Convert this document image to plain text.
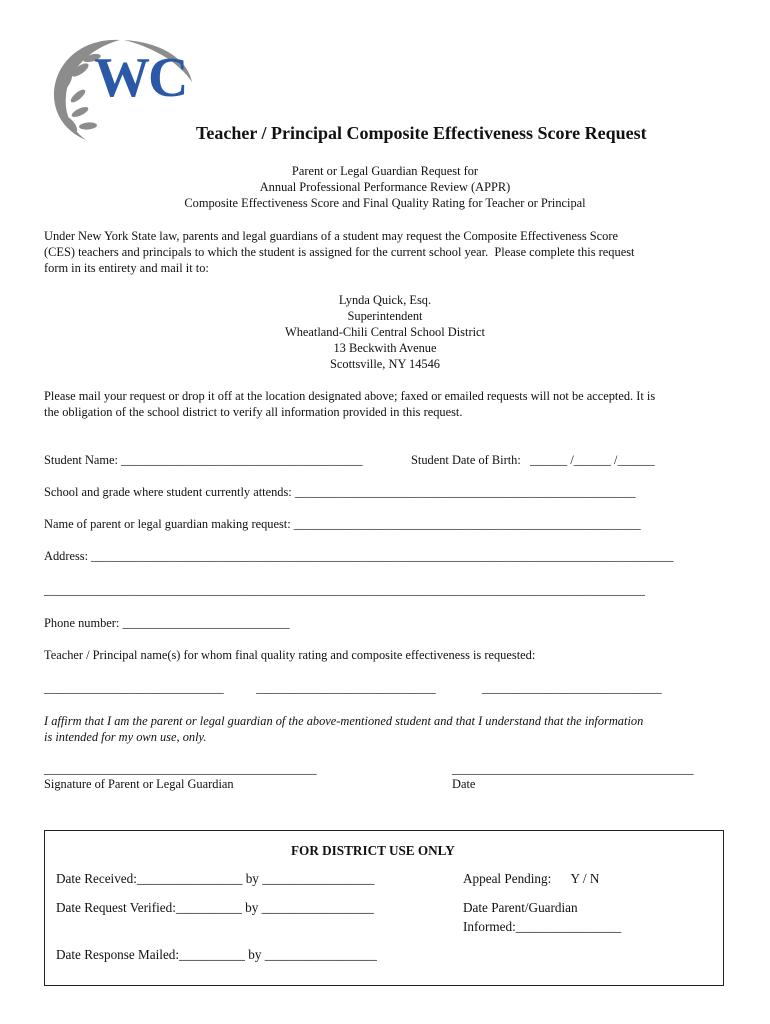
WC
Teacher / Principal Composite Effectiveness Score Request
Parent or Legal Guardian Request for
Annual Professional Performance Review (APPR)
Composite Effectiveness Score and Final Quality Rating for Teacher or Principal
Under New York State law, parents and legal guardians of a student may request the Composite Effectiveness Score
(CES) teachers and principals to which the student is assigned for the current school year.  Please complete this request
form in its entirety and mail it to:
Lynda Quick, Esq.
Superintendent
Wheatland-Chili Central School District
13 Beckwith Avenue
Scottsville, NY 14546
Please mail your request or drop it off at the location designated above; faxed or emailed requests will not be accepted. It is
the obligation of the school district to verify all information provided in this request.
Student Name: _______________________________________	Student Date of Birth:   ______ /______ /______
School and grade where student currently attends: _______________________________________________________
Name of parent or legal guardian making request: ________________________________________________________
Address: ______________________________________________________________________________________________
_________________________________________________________________________________________________
Phone number: ___________________________
Teacher / Principal name(s) for whom final quality rating and composite effectiveness is requested:
_____________________________	_____________________________	_____________________________
I affirm that I am the parent or legal guardian of the above-mentioned student and that I understand that the information
is intended for my own use, only.
____________________________________________
Signature of Parent or Legal Guardian
_______________________________________
Date
FOR DISTRICT USE ONLY
Date Received:________________ by _________________	Appeal Pending:      Y / N
Date Request Verified:__________ by _________________	Date Parent/Guardian
Informed:________________
Date Response Mailed:__________ by _________________
